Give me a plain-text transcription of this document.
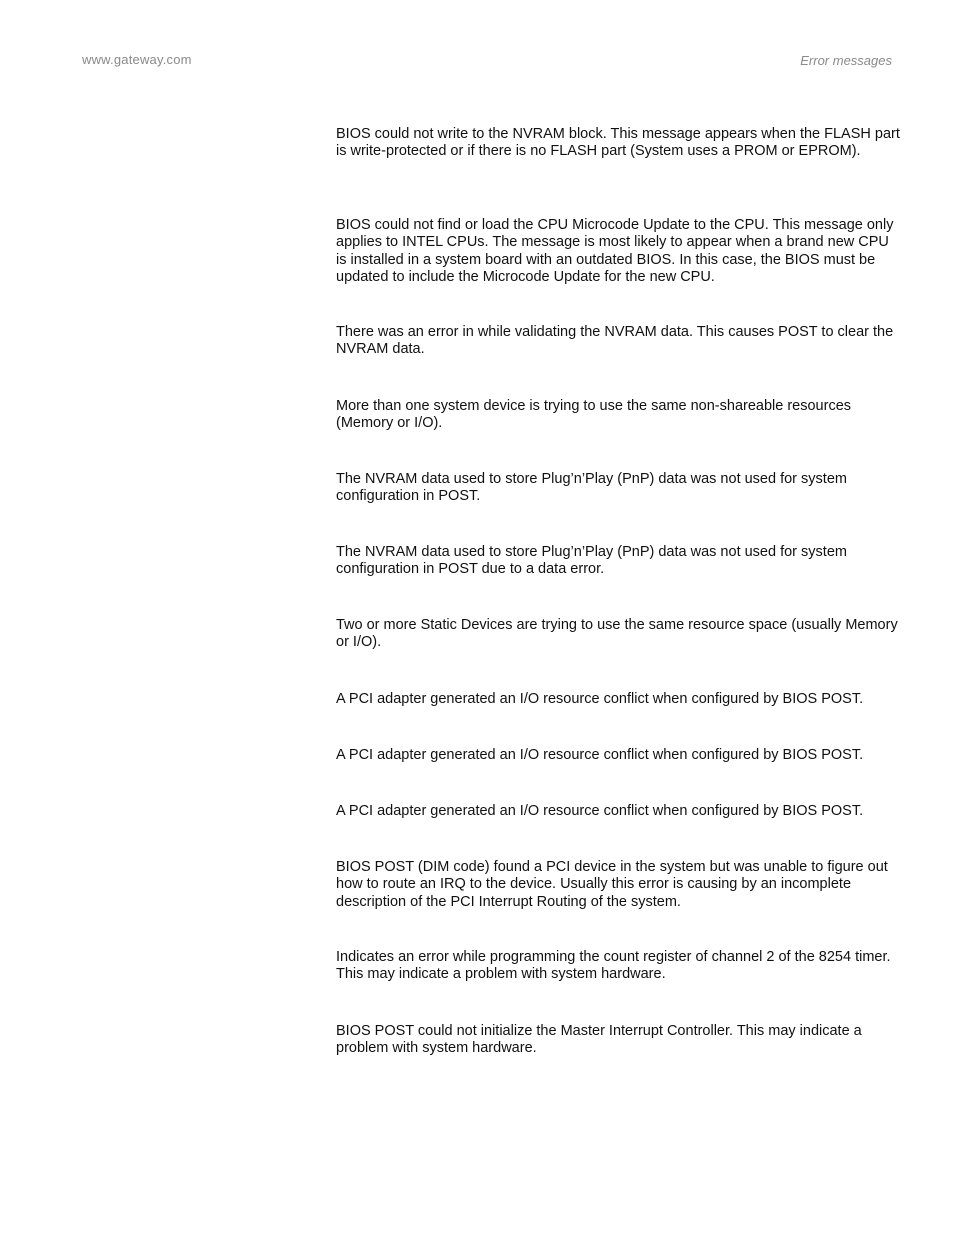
www.gateway.com	Error messages

BIOS could not write to the NVRAM block. This message appears when the FLASH part is write-protected or if there is no FLASH part (System uses a PROM or EPROM).

BIOS could not find or load the CPU Microcode Update to the CPU. This message only applies to INTEL CPUs. The message is most likely to appear when a brand new CPU is installed in a system board with an outdated BIOS. In this case, the BIOS must be updated to include the Microcode Update for the new CPU.

There was an error in while validating the NVRAM data. This causes POST to clear the NVRAM data.

More than one system device is trying to use the same non-shareable resources (Memory or I/O).

The NVRAM data used to store Plug’n’Play (PnP) data was not used for system configuration in POST.

The NVRAM data used to store Plug’n’Play (PnP) data was not used for system configuration in POST due to a data error.

Two or more Static Devices are trying to use the same resource space (usually Memory or I/O).

A PCI adapter generated an I/O resource conflict when configured by BIOS POST.

A PCI adapter generated an I/O resource conflict when configured by BIOS POST.

A PCI adapter generated an I/O resource conflict when configured by BIOS POST.

BIOS POST (DIM code) found a PCI device in the system but was unable to figure out how to route an IRQ to the device. Usually this error is causing by an incomplete description of the PCI Interrupt Routing of the system.

Indicates an error while programming the count register of channel 2 of the 8254 timer. This may indicate a problem with system hardware.

BIOS POST could not initialize the Master Interrupt Controller. This may indicate a problem with system hardware.
